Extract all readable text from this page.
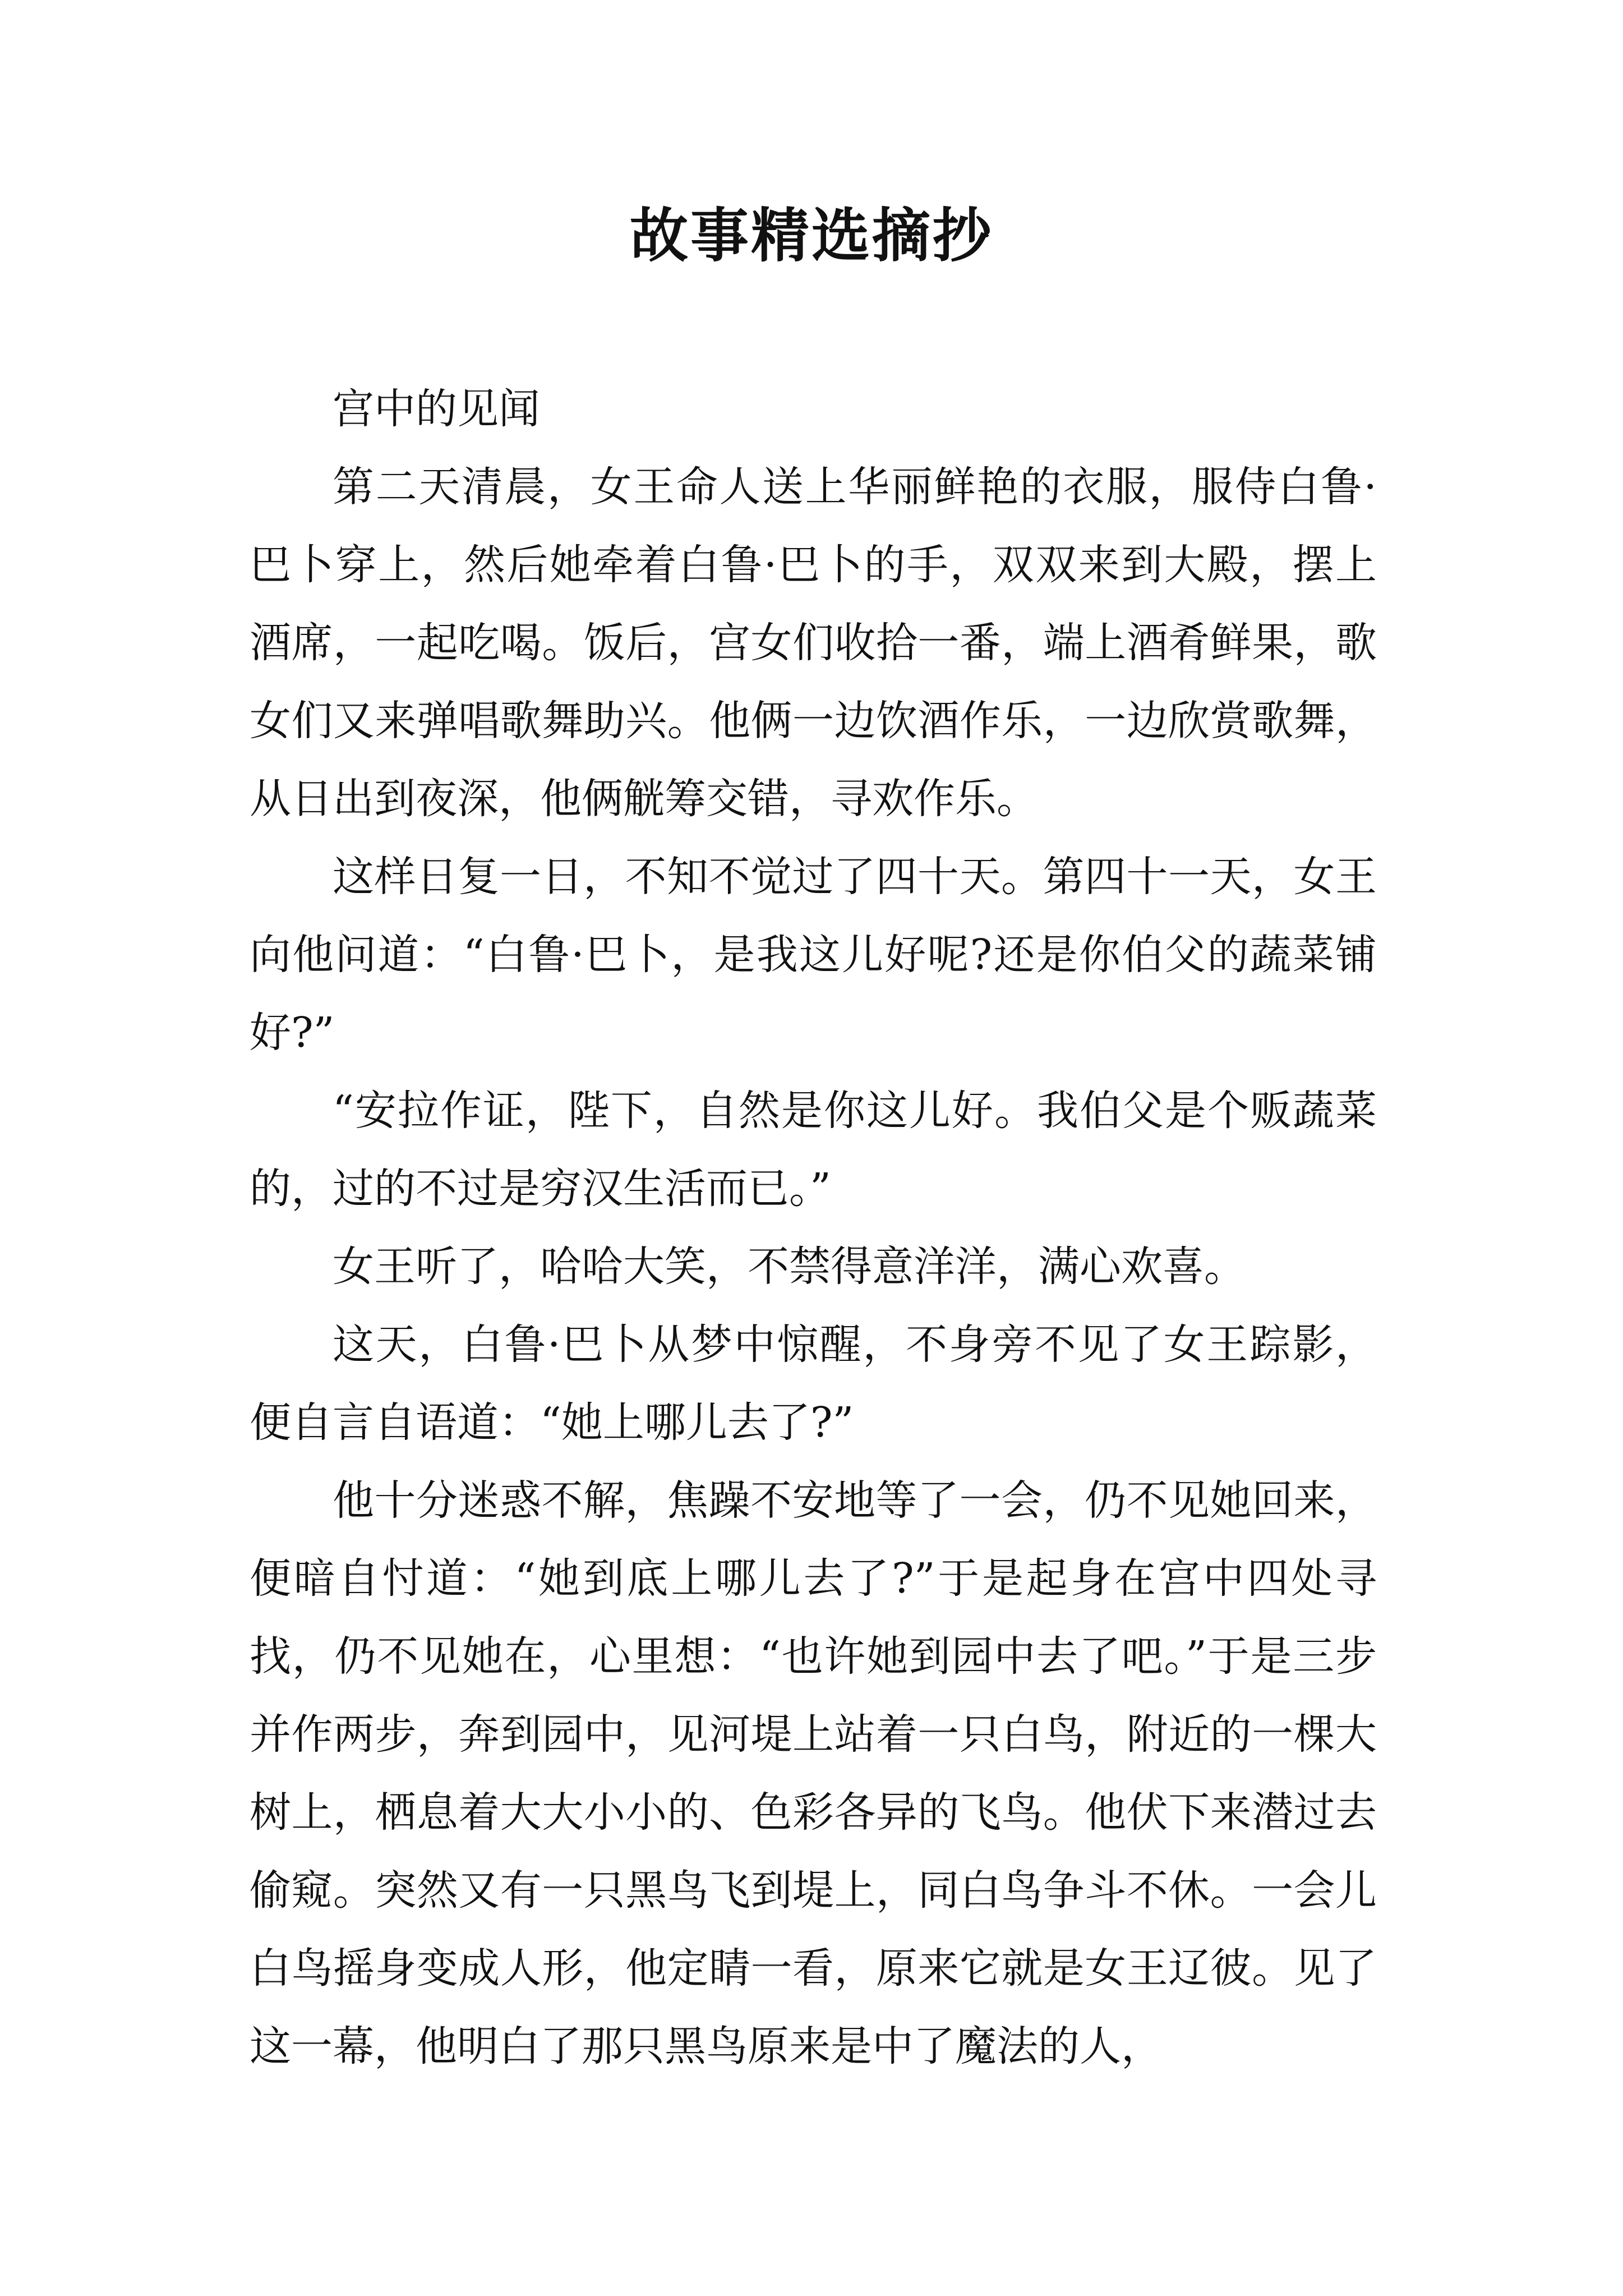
故事精选摘抄

宫中的见闻

第二天清晨，女王命人送上华丽鲜艳的衣服，服侍白鲁·巴卜穿上，然后她牵着白鲁·巴卜的手，双双来到大殿，摆上酒席，一起吃喝。饭后，宫女们收拾一番，端上酒肴鲜果，歌女们又来弹唱歌舞助兴。他俩一边饮酒作乐，一边欣赏歌舞，从日出到夜深，他俩觥筹交错，寻欢作乐。

这样日复一日，不知不觉过了四十天。第四十一天，女王向他问道：“白鲁·巴卜，是我这儿好呢?还是你伯父的蔬菜铺好?”

“安拉作证，陛下，自然是你这儿好。我伯父是个贩蔬菜的，过的不过是穷汉生活而已。”

女王听了，哈哈大笑，不禁得意洋洋，满心欢喜。

这天，白鲁·巴卜从梦中惊醒，不身旁不见了女王踪影，便自言自语道：“她上哪儿去了?”

他十分迷惑不解，焦躁不安地等了一会，仍不见她回来，便暗自忖道：“她到底上哪儿去了?”于是起身在宫中四处寻找，仍不见她在，心里想：“也许她到园中去了吧。”于是三步并作两步，奔到园中，见河堤上站着一只白鸟，附近的一棵大树上，栖息着大大小小的、色彩各异的飞鸟。他伏下来潜过去偷窥。突然又有一只黑鸟飞到堤上，同白鸟争斗不休。一会儿白鸟摇身变成人形，他定睛一看，原来它就是女王辽彼。见了这一幕，他明白了那只黑鸟原来是中了魔法的人，
